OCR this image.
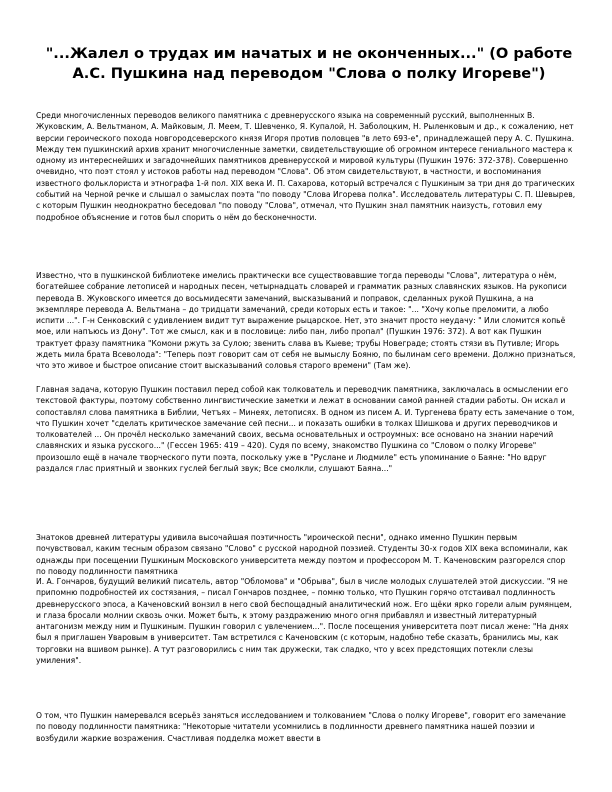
"...Жалел о трудах им начатых и не оконченных..." (О работе А.С. Пушкина над переводом "Слова о полку Игореве")

Среди многочисленных переводов великого памятника с древнерусского языка на современный русский, выполненных В. Жуковским, А. Вельтманом, А. Майковым, Л. Меем, Т. Шевченко, Я. Купалой, Н. Заболоцким, Н. Рыленковым и др., к сожалению, нет версии героического похода новгородсеверского князя Игоря против половцев "в лето 693-е", принадлежащей перу А. С. Пушкина. Между тем пушкинский архив хранит многочисленные заметки, свидетельствующие об огромном интересе гениального мастера к одному из интереснейших и загадочнейших памятников древнерусской и мировой культуры (Пушкин 1976: 372-378). Совершенно очевидно, что поэт стоял у истоков работы над переводом "Слова". Об этом свидетельствуют, в частности, и воспоминания известного фольклориста и этнографа 1-й пол. XIX века И. П. Сахарова, который встречался с Пушкиным за три дня до трагических событий на Черной речке и слышал о замыслах поэта "по поводу "Слова Игорева полка". Исследователь литературы С. П. Шевырев, с которым Пушкин неоднократно беседовал "по поводу "Слова", отмечал, что Пушкин знал памятник наизусть, готовил ему подробное объяснение и готов был спорить о нём до бесконечности.

Известно, что в пушкинской библиотеке имелись практически все существовавшие тогда переводы "Слова", литература о нём, богатейшее собрание летописей и народных песен, четырнадцать словарей и грамматик разных славянских языков. На рукописи перевода В. Жуковского имеется до восьмидесяти замечаний, высказываний и поправок, сделанных рукой Пушкина, а на экземпляре перевода А. Вельтмана – до тридцати замечаний, среди которых есть и такое: "... "Хочу копье преломити, а любо испити ...". Г-н Сенковский с удивлением видит тут выражение рыцарское. Нет, это значит просто неудачу: " Или сломится копьё мое, или напъюсь из Дону". Тот же смысл, как и в пословице: либо пан, либо пропал" (Пушкин 1976: 372). А вот как Пушкин трактует фразу памятника "Комони ржуть за Сулою; звенить слава въ Кыеве; трубы Новеграде; стоять стязи въ Путивле; Игорь ждеть мила брата Всеволода": "Теперь поэт говорит сам от себя не вымыслу Бояню, по былинам сего времени. Должно признаться, что это живое и быстрое описание стоит высказываний соловья старого времени" (Там же).

Главная задача, которую Пушкин поставил перед собой как толкователь и переводчик памятника, заключалась в осмыслении его текстовой фактуры, поэтому собственно лингвистические заметки и лежат в основании самой ранней стадии работы. Он искал и сопоставлял слова памятника в Библии, Четъях – Минеях, летописях. В одном из писем А. И. Тургенева брату есть замечание о том, что Пушкин хочет "сделать критическое замечание сей песни... и показать ошибки в толках Шишкова и других переводчиков и толкователей ... Он прочёл несколько замечаний своих, весьма основательных и остроумных: все основано на знании наречий славянских и языка русского..." (Гессен 1965: 419 – 420). Судя по всему, знакомство Пушкина со "Словом о полку Игореве" произошло ещё в начале творческого пути поэта, поскольку уже в "Руслане и Людмиле" есть упоминание о Баяне: "Но вдруг раздался глас приятный и звонких гуслей беглый звук; Все смолкли, слушают Баяна..."

Знатоков древней литературы удивила высочайшая поэтичность "ироической песни", однако именно Пушкин первым почувствовал, каким тесным образом связано "Слово" с русской народной поэзией. Студенты 30-х годов XIX века вспоминали, как однажды при посещении Пушкиным Московского университета между поэтом и профессором М. Т. Каченовским разгорелся спор по поводу подлинности памятника

И. А. Гончаров, будущий великий писатель, автор "Обломова" и "Обрыва", был в числе молодых слушателей этой дискуссии. "Я не припомню подробностей их состязания, – писал Гончаров позднее, – помню только, что Пушкин горячо отстаивал подлинность древнерусского эпоса, а Каченовский вонзил в него свой беспощадный аналитический нож. Его щёки ярко горели алым румянцем, и глаза бросали молнии сквозь очки. Может быть, к этому раздражению много огня прибавлял и известный литературный антагонизм между ним и Пушкиным. Пушкин говорил с увлечением...". После посещения университета поэт писал жене: "На днях был я приглашен Уваровым в университет. Там встретился с Каченовским (с которым, надобно тебе сказать, бранились мы, как торговки на вшивом рынке). А тут разговорились с ним так дружески, так сладко, что у всех предстоящих потекли слезы умиления".

О том, что Пушкин намеревался всерьёз заняться исследованием и толкованием "Слова о полку Игореве", говорит его замечание по поводу подлинности памятника: "Некоторые читатели усомнились в подлинности древнего памятника нашей поэзии и возбудили жаркие возражения. Счастливая подделка может ввести в
